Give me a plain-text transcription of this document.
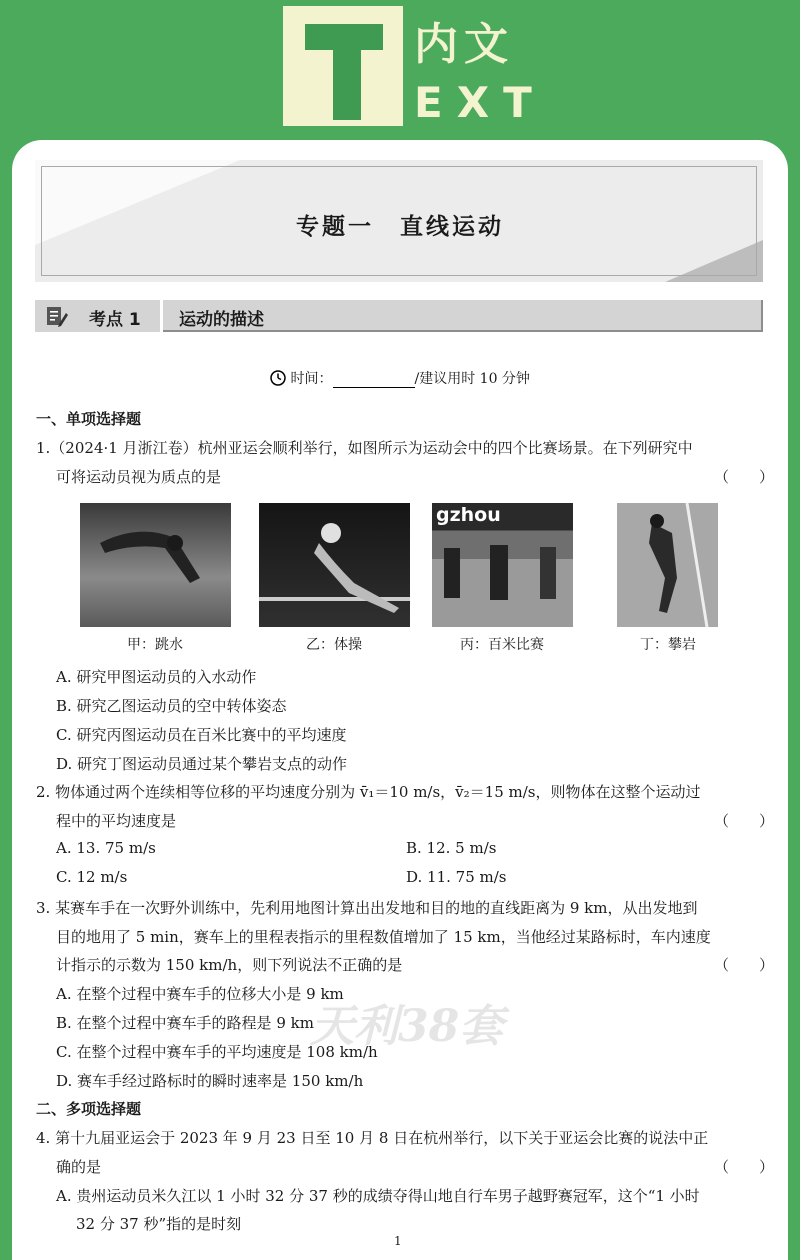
内文
EXT
专题一　直线运动
考点 1 运动的描述
时间：	/建议用时 10 分钟
一、单项选择题
1.（2024·1 月浙江卷）杭州亚运会顺利举行，如图所示为运动会中的四个比赛场景。在下列研究中
可将运动员视为质点的是	（　　）
gzhou
甲：跳水	乙：体操	丙：百米比赛	丁：攀岩
A. 研究甲图运动员的入水动作
B. 研究乙图运动员的空中转体姿态
C. 研究丙图运动员在百米比赛中的平均速度
D. 研究丁图运动员通过某个攀岩支点的动作
2. 物体通过两个连续相等位移的平均速度分别为 v̄₁＝10 m/s，v̄₂＝15 m/s，则物体在这整个运动过
程中的平均速度是	（　　）
A. 13. 75 m/s	B. 12. 5 m/s
C. 12 m/s	D. 11. 75 m/s
3. 某赛车手在一次野外训练中，先利用地图计算出出发地和目的地的直线距离为 9 km，从出发地到
目的地用了 5 min，赛车上的里程表指示的里程数值增加了 15 km，当他经过某路标时，车内速度
计指示的示数为 150 km/h，则下列说法不正确的是	（　　）
A. 在整个过程中赛车手的位移大小是 9 km
B. 在整个过程中赛车手的路程是 9 km
C. 在整个过程中赛车手的平均速度是 108 km/h
D. 赛车手经过路标时的瞬时速率是 150 km/h
天利38套
二、多项选择题
4. 第十九届亚运会于 2023 年 9 月 23 日至 10 月 8 日在杭州举行，以下关于亚运会比赛的说法中正
确的是	（　　）
A. 贵州运动员米久江以 1 小时 32 分 37 秒的成绩夺得山地自行车男子越野赛冠军，这个“1 小时
32 分 37 秒”指的是时刻
1
